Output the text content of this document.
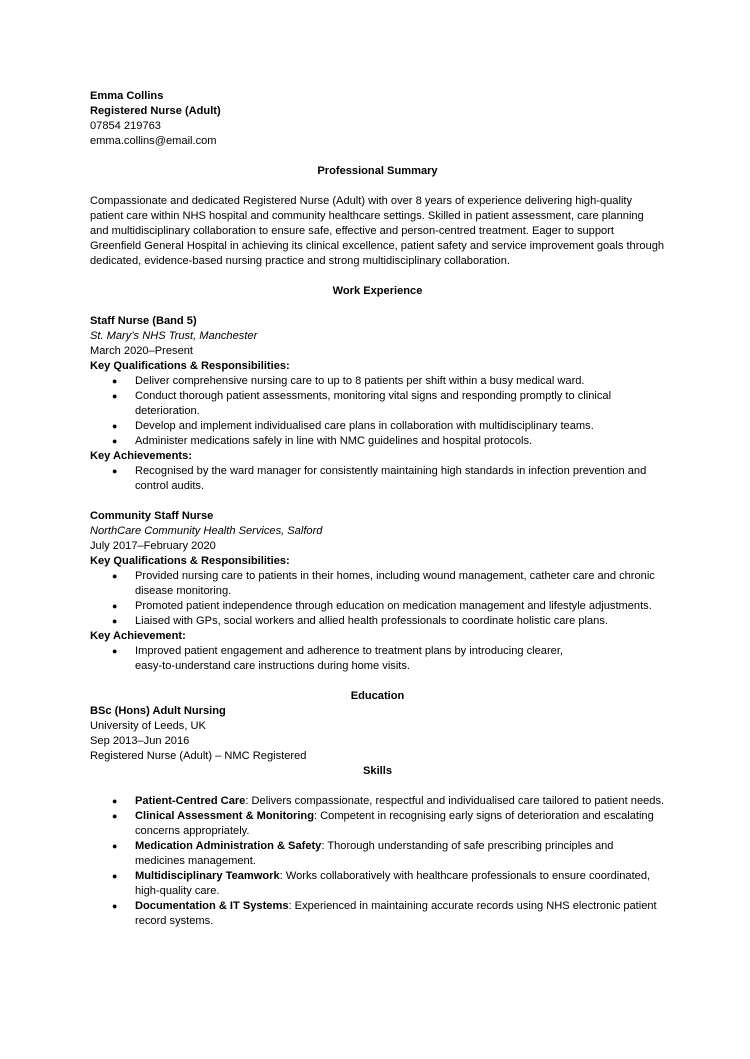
Emma Collins
Registered Nurse (Adult)
07854 219763
emma.collins@email.com
Professional Summary

Compassionate and dedicated Registered Nurse (Adult) with over 8 years of experience delivering high-quality patient care within NHS hospital and community healthcare settings. Skilled in patient assessment, care planning and multidisciplinary collaboration to ensure safe, effective and person-centred treatment. Eager to support Greenfield General Hospital in achieving its clinical excellence, patient safety and service improvement goals through dedicated, evidence-based nursing practice and strong multidisciplinary collaboration.

Work Experience
Staff Nurse (Band 5)
St. Mary’s NHS Trust, Manchester
March 2020–Present
Key Qualifications & Responsibilities:
● Deliver comprehensive nursing care to up to 8 patients per shift within a busy medical ward.
● Conduct thorough patient assessments, monitoring vital signs and responding promptly to clinical deterioration.
● Develop and implement individualised care plans in collaboration with multidisciplinary teams.
● Administer medications safely in line with NMC guidelines and hospital protocols.
Key Achievements:
● Recognised by the ward manager for consistently maintaining high standards in infection prevention and control audits.
Community Staff Nurse
NorthCare Community Health Services, Salford
July 2017–February 2020
Key Qualifications & Responsibilities:
● Provided nursing care to patients in their homes, including wound management, catheter care and chronic disease monitoring.
● Promoted patient independence through education on medication management and lifestyle adjustments.
● Liaised with GPs, social workers and allied health professionals to coordinate holistic care plans.
Key Achievement:
● Improved patient engagement and adherence to treatment plans by introducing clearer, easy-to-understand care instructions during home visits.
Education
BSc (Hons) Adult Nursing
University of Leeds, UK
Sep 2013–Jun 2016
Registered Nurse (Adult) – NMC Registered
Skills
● Patient-Centred Care: Delivers compassionate, respectful and individualised care tailored to patient needs.
● Clinical Assessment & Monitoring: Competent in recognising early signs of deterioration and escalating concerns appropriately.
● Medication Administration & Safety: Thorough understanding of safe prescribing principles and medicines management.
● Multidisciplinary Teamwork: Works collaboratively with healthcare professionals to ensure coordinated, high-quality care.
● Documentation & IT Systems: Experienced in maintaining accurate records using NHS electronic patient record systems.
